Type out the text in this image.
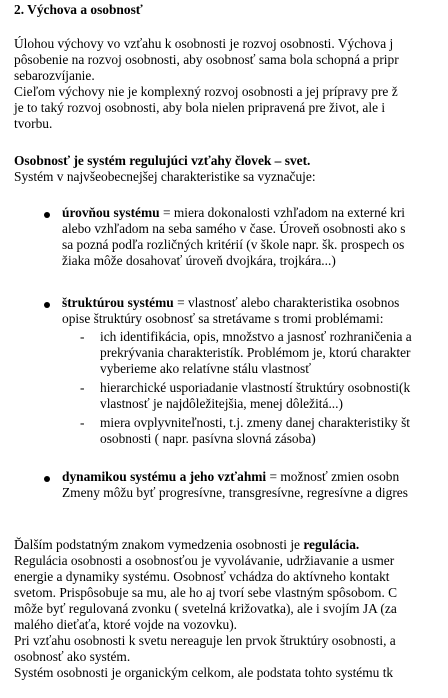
2. Výchova a osobnosť
Úlohou výchovy vo vzťahu k osobnosti je rozvoj osobnosti. Výchova j
pôsobenie na rozvoj osobnosti, aby osobnosť sama bola schopná a pripr
sebarozvíjanie.
Cieľom výchovy nie je komplexný rozvoj osobnosti a jej prípravy pre ž
je to taký rozvoj osobnosti, aby bola nielen pripravená pre život, ale i
tvorbu.
Osobnosť je systém regulujúci vzťahy človek – svet.
Systém v najvšeobecnejšej charakteristike sa vyznačuje:
úrovňou systému = miera dokonalosti vzhľadom na externé kri
alebo vzhľadom na seba samého v čase. Úroveň osobnosti ako s
sa pozná podľa rozličných kritérií (v škole napr. šk. prospech os
žiaka môže dosahovať úroveň dvojkára, trojkára...)
štruktúrou systému = vlastnosť alebo charakteristika osobnos
opise štruktúry osobnosť sa stretávame s tromi problémami:
- ich identifikácia, opis, množstvo a jasnosť rozhraničenia a
prekrývania charakteristík. Problémom je, ktorú charakter
vyberieme ako relatívne stálu vlastnosť
- hierarchické usporiadanie vlastností štruktúry osobnosti(k
vlastnosť je najdôležitejšia, menej dôležitá...)
- miera ovplyvniteľnosti, t.j. zmeny danej charakteristiky št
osobnosti ( napr. pasívna slovná zásoba)
dynamikou systému a jeho vzťahmi = možnosť zmien osobn
Zmeny môžu byť progresívne, transgresívne, regresívne a digres
Ďalším podstatným znakom vymedzenia osobnosti je regulácia.
Regulácia osobnosti a osobnosťou je vyvolávanie, udržiavanie a usmer
energie a dynamiky systému. Osobnosť vchádza do aktívneho kontakt
svetom. Prispôsobuje sa mu, ale ho aj tvorí sebe vlastným spôsobom. C
môže byť regulovaná zvonku ( svetelná križovatka), ale i svojím JA (za
malého dieťaťa, ktoré vojde na vozovku).
Pri vzťahu osobnosti k svetu nereaguje len prvok štruktúry osobnosti, a
osobnosť ako systém.
Systém osobnosti je organickým celkom, ale podstata tohto systému tk
